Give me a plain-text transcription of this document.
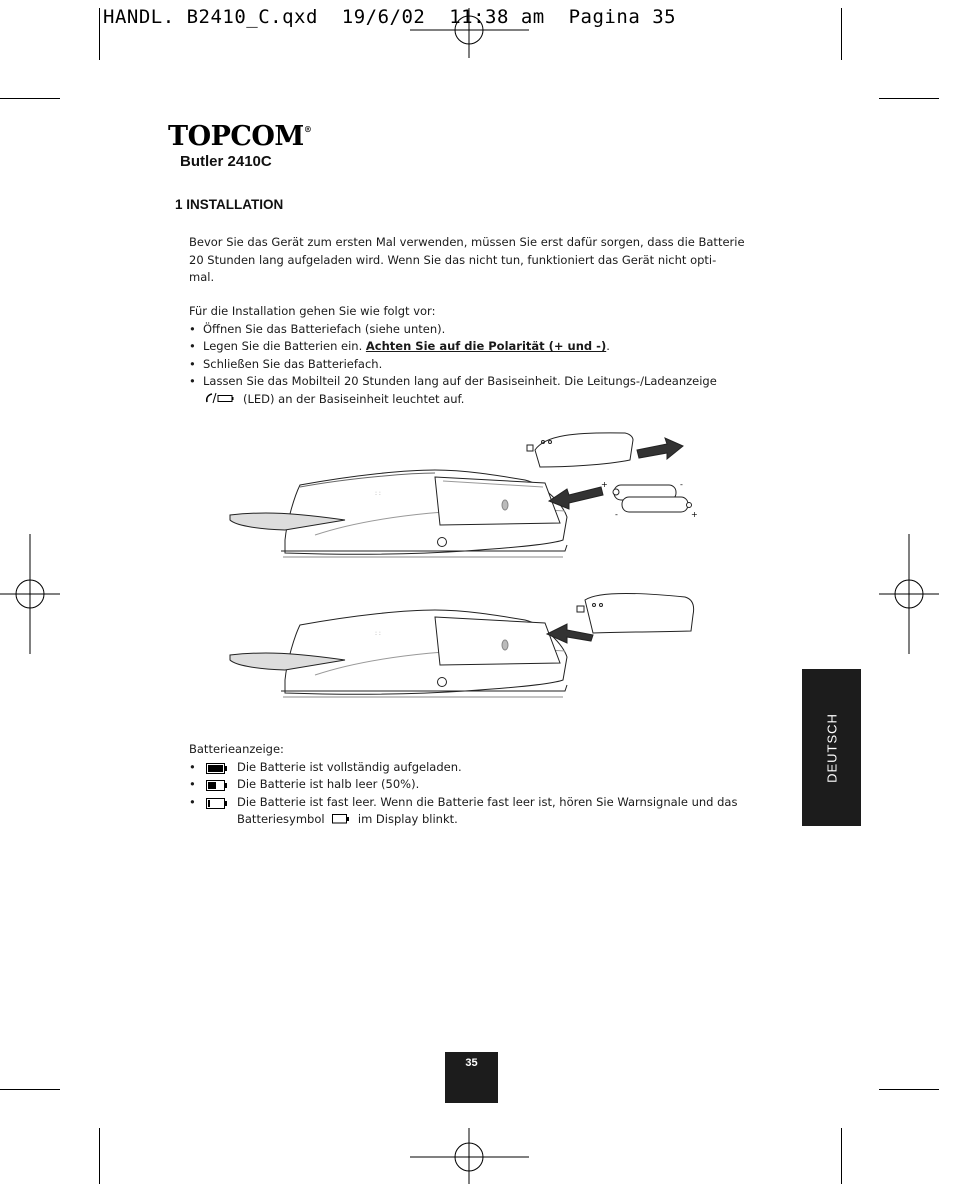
HANDL. B2410_C.qxd  19/6/02  11:38 am  Pagina 35
TOPCOM®
Butler 2410C
1 INSTALLATION
Bevor Sie das Gerät zum ersten Mal verwenden, müssen Sie erst dafür sorgen, dass die Batterie
20 Stunden lang aufgeladen wird. Wenn Sie das nicht tun, funktioniert das Gerät nicht opti-
mal.
Für die Installation gehen Sie wie folgt vor:
• Öffnen Sie das Batteriefach (siehe unten).
• Legen Sie die Batterien ein. Achten Sie auf die Polarität (+ und -).
• Schließen Sie das Batteriefach.
• Lassen Sie das Mobilteil 20 Stunden lang auf der Basiseinheit. Die Leitungs-/Ladeanzeige
(LED) an der Basiseinheit leuchtet auf.
: :
: :
+	-
-	+
Batterieanzeige:
•	Die Batterie ist vollständig aufgeladen.
•	Die Batterie ist halb leer (50%).
•	Die Batterie ist fast leer. Wenn die Batterie fast leer ist, hören Sie Warnsignale und das
Batteriesymbol	im Display blinkt.
DEUTSCH
35
